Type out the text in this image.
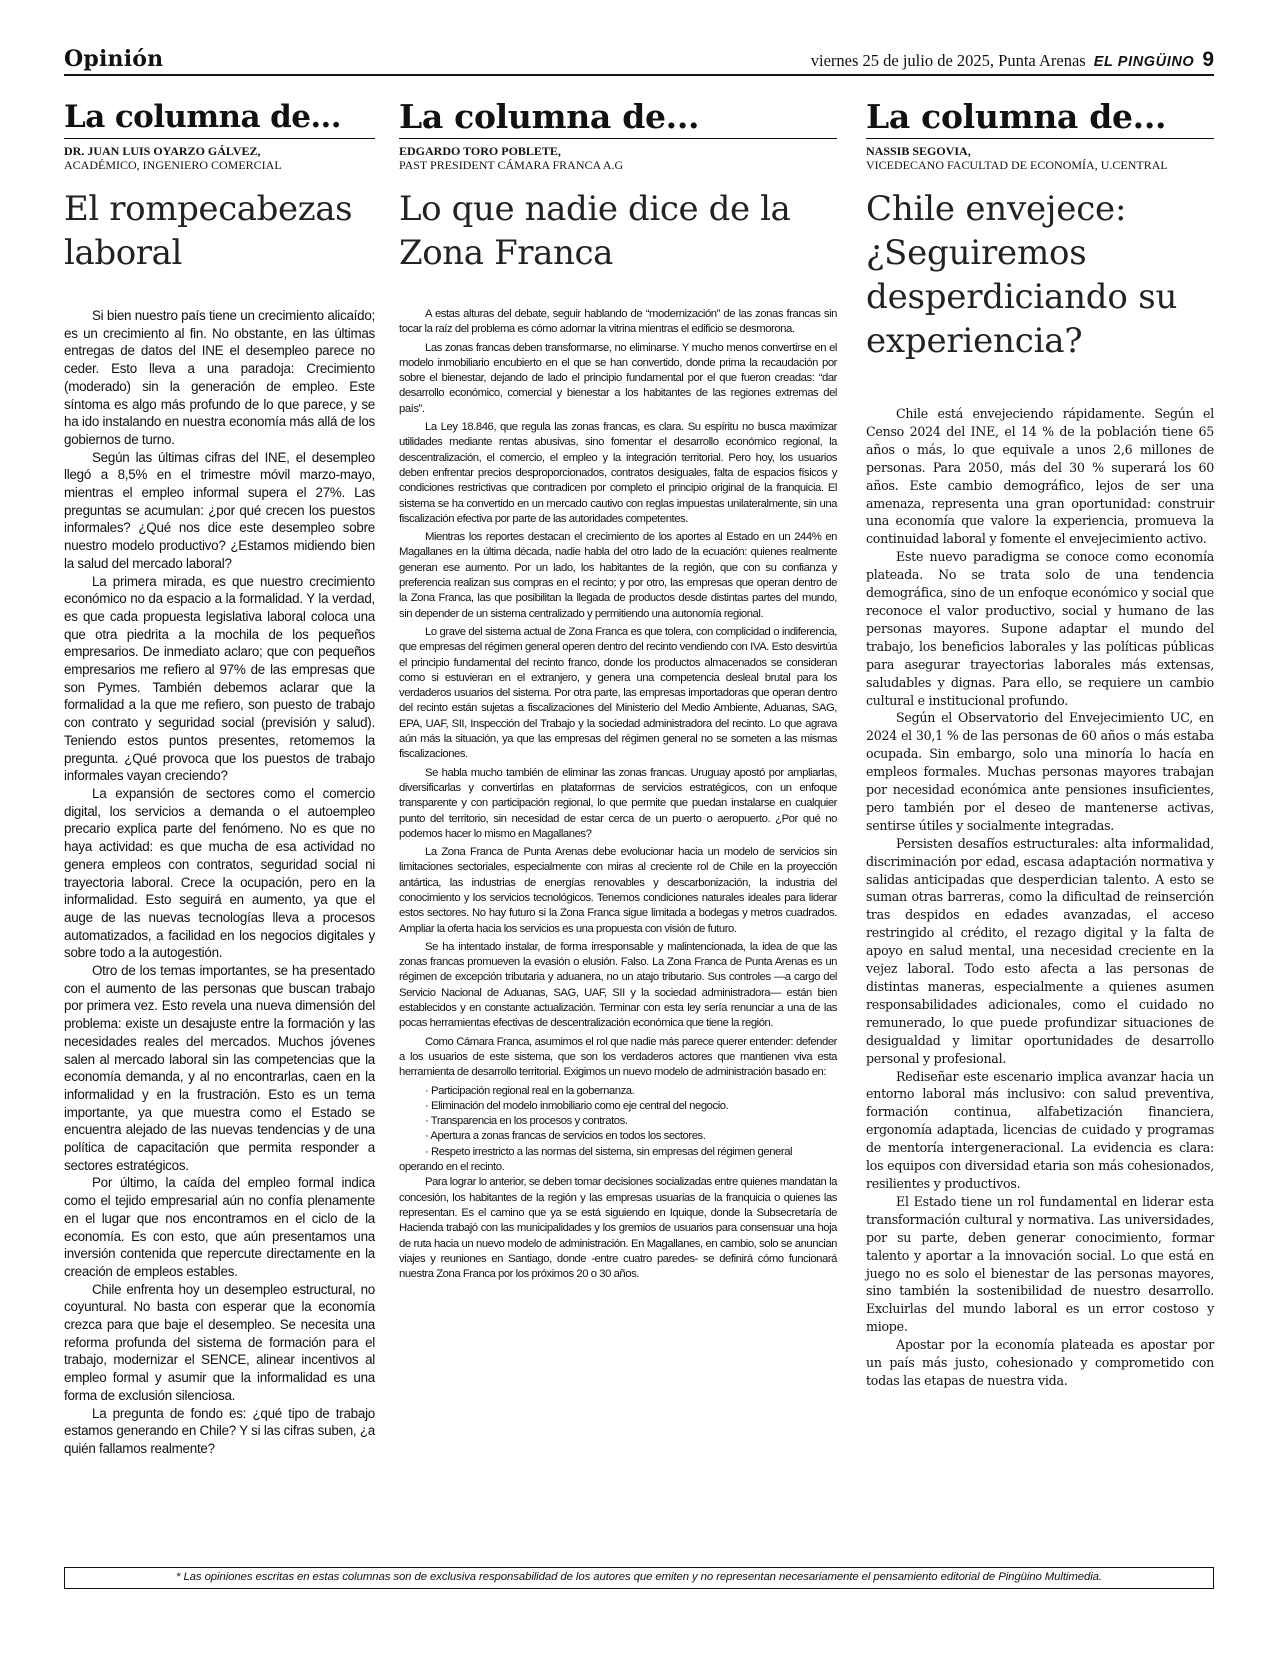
Opinión	viernes 25 de julio de 2025, Punta Arenas EL PINGÜINO 9
La columna de...
DR. JUAN LUIS OYARZO GÁLVEZ,
ACADÉMICO, INGENIERO COMERCIAL
El rompecabezas laboral

Si bien nuestro país tiene un crecimiento alicaído; es un crecimiento al fin. No obstante, en las últimas entregas de datos del INE el desempleo parece no ceder. Esto lleva a una paradoja: Crecimiento (moderado) sin la generación de empleo. Este síntoma es algo más profundo de lo que parece, y se ha ido instalando en nuestra economía más allá de los gobiernos de turno.

Según las últimas cifras del INE, el desempleo llegó a 8,5% en el trimestre móvil marzo-mayo, mientras el empleo informal supera el 27%. Las preguntas se acumulan: ¿por qué crecen los puestos informales? ¿Qué nos dice este desempleo sobre nuestro modelo productivo? ¿Estamos midiendo bien la salud del mercado laboral?

La primera mirada, es que nuestro crecimiento económico no da espacio a la formalidad. Y la verdad, es que cada propuesta legislativa laboral coloca una que otra piedrita a la mochila de los pequeños empresarios. De inmediato aclaro; que con pequeños empresarios me refiero al 97% de las empresas que son Pymes. También debemos aclarar que la formalidad a la que me refiero, son puesto de trabajo con contrato y seguridad social (previsión y salud). Teniendo estos puntos presentes, retomemos la pregunta. ¿Qué provoca que los puestos de trabajo informales vayan creciendo?

La expansión de sectores como el comercio digital, los servicios a demanda o el autoempleo precario explica parte del fenómeno. No es que no haya actividad: es que mucha de esa actividad no genera empleos con contratos, seguridad social ni trayectoria laboral. Crece la ocupación, pero en la informalidad. Esto seguirá en aumento, ya que el auge de las nuevas tecnologías lleva a procesos automatizados, a facilidad en los negocios digitales y sobre todo a la autogestión.

Otro de los temas importantes, se ha presentado con el aumento de las personas que buscan trabajo por primera vez. Esto revela una nueva dimensión del problema: existe un desajuste entre la formación y las necesidades reales del mercados. Muchos jóvenes salen al mercado laboral sin las competencias que la economía demanda, y al no encontrarlas, caen en la informalidad y en la frustración. Esto es un tema importante, ya que muestra como el Estado se encuentra alejado de las nuevas tendencias y de una política de capacitación que permita responder a sectores estratégicos.

Por último, la caída del empleo formal indica como el tejido empresarial aún no confía plenamente en el lugar que nos encontramos en el ciclo de la economía. Es con esto, que aún presentamos una inversión contenida que repercute directamente en la creación de empleos estables.

Chile enfrenta hoy un desempleo estructural, no coyuntural. No basta con esperar que la economía crezca para que baje el desempleo. Se necesita una reforma profunda del sistema de formación para el trabajo, modernizar el SENCE, alinear incentivos al empleo formal y asumir que la informalidad es una forma de exclusión silenciosa.

La pregunta de fondo es: ¿qué tipo de trabajo estamos generando en Chile? Y si las cifras suben, ¿a quién fallamos realmente?

La columna de...
EDGARDO TORO POBLETE,
PAST PRESIDENT CÁMARA FRANCA A.G
Lo que nadie dice de la Zona Franca

A estas alturas del debate, seguir hablando de “modernización” de las zonas francas sin tocar la raíz del problema es cómo adornar la vitrina mientras el edificio se desmorona.

Las zonas francas deben transformarse, no eliminarse. Y mucho menos convertirse en el modelo inmobiliario encubierto en el que se han convertido, donde prima la recaudación por sobre el bienestar, dejando de lado el principio fundamental por el que fueron creadas: “dar desarrollo económico, comercial y bienestar a los habitantes de las regiones extremas del país”.

La Ley 18.846, que regula las zonas francas, es clara. Su espíritu no busca maximizar utilidades mediante rentas abusivas, sino fomentar el desarrollo económico regional, la descentralización, el comercio, el empleo y la integración territorial. Pero hoy, los usuarios deben enfrentar precios desproporcionados, contratos desiguales, falta de espacios físicos y condiciones restrictivas que contradicen por completo el principio original de la franquicia. El sistema se ha convertido en un mercado cautivo con reglas impuestas unilateralmente, sin una fiscalización efectiva por parte de las autoridades competentes.

Mientras los reportes destacan el crecimiento de los aportes al Estado en un 244% en Magallanes en la última década, nadie habla del otro lado de la ecuación: quienes realmente generan ese aumento. Por un lado, los habitantes de la región, que con su confianza y preferencia realizan sus compras en el recinto; y por otro, las empresas que operan dentro de la Zona Franca, las que posibilitan la llegada de productos desde distintas partes del mundo, sin depender de un sistema centralizado y permitiendo una autonomía regional.

Lo grave del sistema actual de Zona Franca es que tolera, con complicidad o indiferencia, que empresas del régimen general operen dentro del recinto vendiendo con IVA. Esto desvirtúa el principio fundamental del recinto franco, donde los productos almacenados se consideran como si estuvieran en el extranjero, y genera una competencia desleal brutal para los verdaderos usuarios del sistema. Por otra parte, las empresas importadoras que operan dentro del recinto están sujetas a fiscalizaciones del Ministerio del Medio Ambiente, Aduanas, SAG, EPA, UAF, SII, Inspección del Trabajo y la sociedad administradora del recinto. Lo que agrava aún más la situación, ya que las empresas del régimen general no se someten a las mismas fiscalizaciones.

Se habla mucho también de eliminar las zonas francas. Uruguay apostó por ampliarlas, diversificarlas y convertirlas en plataformas de servicios estratégicos, con un enfoque transparente y con participación regional, lo que permite que puedan instalarse en cualquier punto del territorio, sin necesidad de estar cerca de un puerto o aeropuerto. ¿Por qué no podemos hacer lo mismo en Magallanes?

La Zona Franca de Punta Arenas debe evolucionar hacia un modelo de servicios sin limitaciones sectoriales, especialmente con miras al creciente rol de Chile en la proyección antártica, las industrias de energías renovables y descarbonización, la industria del conocimiento y los servicios tecnológicos. Tenemos condiciones naturales ideales para liderar estos sectores. No hay futuro si la Zona Franca sigue limitada a bodegas y metros cuadrados. Ampliar la oferta hacia los servicios es una propuesta con visión de futuro.

Se ha intentado instalar, de forma irresponsable y malintencionada, la idea de que las zonas francas promueven la evasión o elusión. Falso. La Zona Franca de Punta Arenas es un régimen de excepción tributaria y aduanera, no un atajo tributario. Sus controles —a cargo del Servicio Nacional de Aduanas, SAG, UAF, SII y la sociedad administradora— están bien establecidos y en constante actualización. Terminar con esta ley sería renunciar a una de las pocas herramientas efectivas de descentralización económica que tiene la región.

Como Cámara Franca, asumimos el rol que nadie más parece querer entender: defender a los usuarios de este sistema, que son los verdaderos actores que mantienen viva esta herramienta de desarrollo territorial. Exigimos un nuevo modelo de administración basado en:

· Participación regional real en la gobernanza.

· Eliminación del modelo inmobiliario como eje central del negocio.

· Transparencia en los procesos y contratos.

· Apertura a zonas francas de servicios en todos los sectores.

· Respeto irrestricto a las normas del sistema, sin empresas del régimen general operando en el recinto.

Para lograr lo anterior, se deben tomar decisiones socializadas entre quienes mandatan la concesión, los habitantes de la región y las empresas usuarias de la franquicia o quienes las representan. Es el camino que ya se está siguiendo en Iquique, donde la Subsecretaría de Hacienda trabajó con las municipalidades y los gremios de usuarios para consensuar una hoja de ruta hacia un nuevo modelo de administración. En Magallanes, en cambio, solo se anuncian viajes y reuniones en Santiago, donde -entre cuatro paredes- se definirá cómo funcionará nuestra Zona Franca por los próximos 20 o 30 años.

La columna de...
NASSIB SEGOVIA,
VICEDECANO FACULTAD DE ECONOMÍA, U.CENTRAL
Chile envejece: ¿Seguiremos desperdiciando su experiencia?

Chile está envejeciendo rápidamente. Según el Censo 2024 del INE, el 14 % de la población tiene 65 años o más, lo que equivale a unos 2,6 millones de personas. Para 2050, más del 30 % superará los 60 años. Este cambio demográfico, lejos de ser una amenaza, representa una gran oportunidad: construir una economía que valore la experiencia, promueva la continuidad laboral y fomente el envejecimiento activo.

Este nuevo paradigma se conoce como economía plateada. No se trata solo de una tendencia demográfica, sino de un enfoque económico y social que reconoce el valor productivo, social y humano de las personas mayores. Supone adaptar el mundo del trabajo, los beneficios laborales y las políticas públicas para asegurar trayectorias laborales más extensas, saludables y dignas. Para ello, se requiere un cambio cultural e institucional profundo.

Según el Observatorio del Envejecimiento UC, en 2024 el 30,1 % de las personas de 60 años o más estaba ocupada. Sin embargo, solo una minoría lo hacía en empleos formales. Muchas personas mayores trabajan por necesidad económica ante pensiones insuficientes, pero también por el deseo de mantenerse activas, sentirse útiles y socialmente integradas.

Persisten desafíos estructurales: alta informalidad, discriminación por edad, escasa adaptación normativa y salidas anticipadas que desperdician talento. A esto se suman otras barreras, como la dificultad de reinserción tras despidos en edades avanzadas, el acceso restringido al crédito, el rezago digital y la falta de apoyo en salud mental, una necesidad creciente en la vejez laboral. Todo esto afecta a las personas de distintas maneras, especialmente a quienes asumen responsabilidades adicionales, como el cuidado no remunerado, lo que puede profundizar situaciones de desigualdad y limitar oportunidades de desarrollo personal y profesional.

Rediseñar este escenario implica avanzar hacia un entorno laboral más inclusivo: con salud preventiva, formación continua, alfabetización financiera, ergonomía adaptada, licencias de cuidado y programas de mentoría intergeneracional. La evidencia es clara: los equipos con diversidad etaria son más cohesionados, resilientes y productivos.

El Estado tiene un rol fundamental en liderar esta transformación cultural y normativa. Las universidades, por su parte, deben generar conocimiento, formar talento y aportar a la innovación social. Lo que está en juego no es solo el bienestar de las personas mayores, sino también la sostenibilidad de nuestro desarrollo. Excluirlas del mundo laboral es un error costoso y miope.

Apostar por la economía plateada es apostar por un país más justo, cohesionado y comprometido con todas las etapas de nuestra vida.

* Las opiniones escritas en estas columnas son de exclusiva responsabilidad de los autores que emiten y no representan necesariamente el pensamiento editorial de Pingüino Multimedia.
